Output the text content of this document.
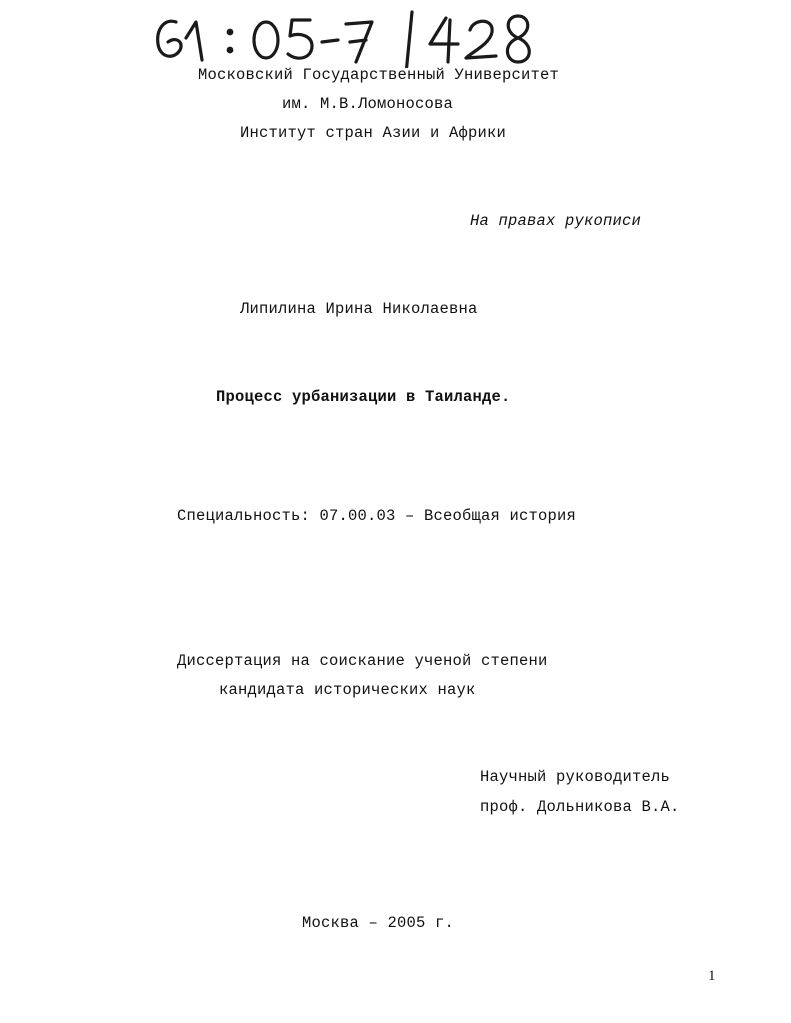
Московский Государственный Университет
им. М.В.Ломоносова
Институт стран Азии и Африки
На правах рукописи
Липилина Ирина Николаевна
Процесс урбанизации в Таиланде.
Специальность: 07.00.03 – Всеобщая история
Диссертация на соискание ученой степени
кандидата исторических наук
Научный руководитель
проф. Дольникова В.А.
Москва – 2005 г.
1
